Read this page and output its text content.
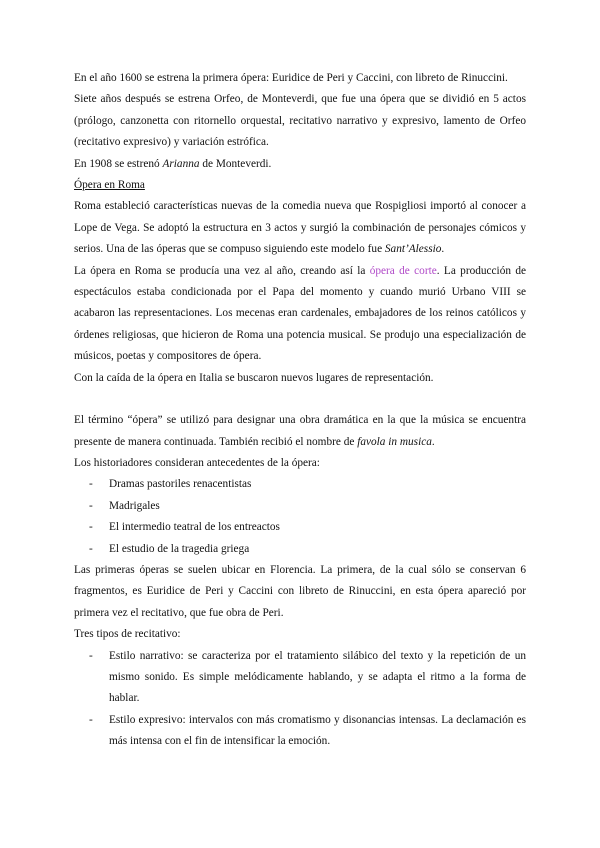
En el año 1600 se estrena la primera ópera: Euridice de Peri y Caccini, con libreto de Rinuccini.

Siete años después se estrena Orfeo, de Monteverdi, que fue una ópera que se dividió en 5 actos (prólogo, canzonetta con ritornello orquestal, recitativo narrativo y expresivo, lamento de Orfeo (recitativo expresivo) y variación estrófica.

En 1908 se estrenó Arianna de Monteverdi.

Ópera en Roma

Roma estableció características nuevas de la comedia nueva que Rospigliosi importó al conocer a Lope de Vega. Se adoptó la estructura en 3 actos y surgió la combinación de personajes cómicos y serios. Una de las óperas que se compuso siguiendo este modelo fue Sant’Alessio.

La ópera en Roma se producía una vez al año, creando así la ópera de corte. La producción de espectáculos estaba condicionada por el Papa del momento y cuando murió Urbano VIII se acabaron las representaciones. Los mecenas eran cardenales, embajadores de los reinos católicos y órdenes religiosas, que hicieron de Roma una potencia musical. Se produjo una especialización de músicos, poetas y compositores de ópera.

Con la caída de la ópera en Italia se buscaron nuevos lugares de representación.

El término “ópera” se utilizó para designar una obra dramática en la que la música se encuentra presente de manera continuada. También recibió el nombre de favola in musica.

Los historiadores consideran antecedentes de la ópera:

- Dramas pastoriles renacentistas
- Madrigales
- El intermedio teatral de los entreactos
- El estudio de la tragedia griega

Las primeras óperas se suelen ubicar en Florencia. La primera, de la cual sólo se conservan 6 fragmentos, es Euridice de Peri y Caccini con libreto de Rinuccini, en esta ópera apareció por primera vez el recitativo, que fue obra de Peri.

Tres tipos de recitativo:

- Estilo narrativo: se caracteriza por el tratamiento silábico del texto y la repetición de un mismo sonido. Es simple melódicamente hablando, y se adapta el ritmo a la forma de hablar.
- Estilo expresivo: intervalos con más cromatismo y disonancias intensas. La declamación es más intensa con el fin de intensificar la emoción.
